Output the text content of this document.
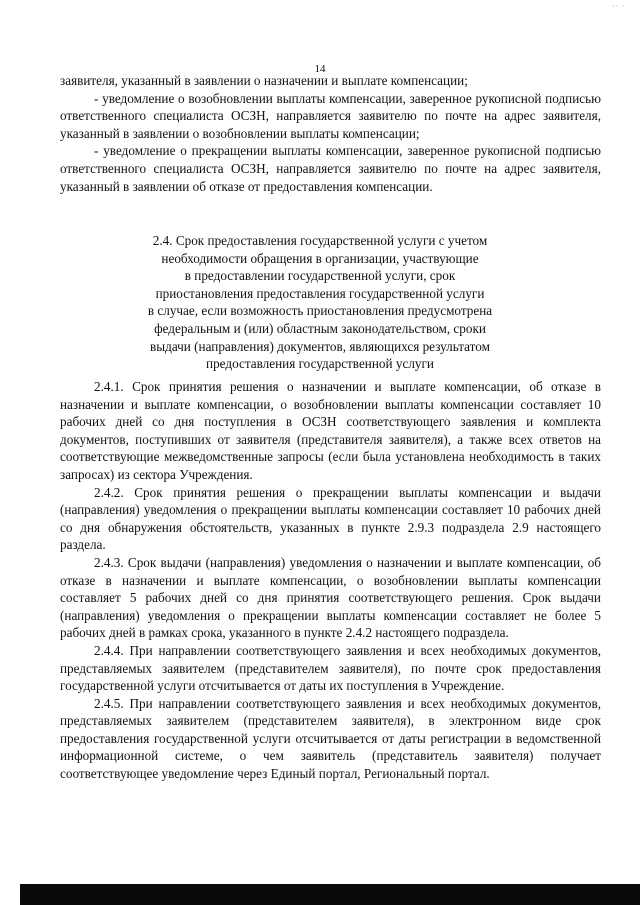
·· ·
14

заявителя, указанный в заявлении о назначении и выплате компенсации;

- уведомление о возобновлении выплаты компенсации, заверенное рукописной подписью ответственного специалиста ОСЗН, направляется заявителю по почте на адрес заявителя, указанный в заявлении о возобновлении выплаты компенсации;

- уведомление о прекращении выплаты компенсации, заверенное рукописной подписью ответственного специалиста ОСЗН, направляется заявителю по почте на адрес заявителя, указанный в заявлении об отказе от предоставления компенсации.

2.4. Срок предоставления государственной услуги с учетом
необходимости обращения в организации, участвующие
в предоставлении государственной услуги, срок
приостановления предоставления государственной услуги
в случае, если возможность приостановления предусмотрена
федеральным и (или) областным законодательством, сроки
выдачи (направления) документов, являющихся результатом
предоставления государственной услуги

2.4.1. Срок принятия решения о назначении и выплате компенсации, об отказе в назначении и выплате компенсации, о возобновлении выплаты компенсации составляет 10 рабочих дней со дня поступления в ОСЗН соответствующего заявления и комплекта документов, поступивших от заявителя (представителя заявителя), а также всех ответов на соответствующие межведомственные запросы (если была установлена необходимость в таких запросах) из сектора Учреждения.

2.4.2. Срок принятия решения о прекращении выплаты компенсации и выдачи (направления) уведомления о прекращении выплаты компенсации составляет 10 рабочих дней со дня обнаружения обстоятельств, указанных в пункте 2.9.3 подраздела 2.9 настоящего раздела.

2.4.3. Срок выдачи (направления) уведомления о назначении и выплате компенсации, об отказе в назначении и выплате компенсации, о возобновлении выплаты компенсации составляет 5 рабочих дней со дня принятия соответствующего решения. Срок выдачи (направления) уведомления о прекращении выплаты компенсации составляет не более 5 рабочих дней в рамках срока, указанного в пункте 2.4.2 настоящего подраздела.

2.4.4. При направлении соответствующего заявления и всех необходимых документов, представляемых заявителем (представителем заявителя), по почте срок предоставления государственной услуги отсчитывается от даты их поступления в Учреждение.

2.4.5. При направлении соответствующего заявления и всех необходимых документов, представляемых заявителем (представителем заявителя), в электронном виде срок предоставления государственной услуги отсчитывается от даты регистрации в ведомственной информационной системе, о чем заявитель (представитель заявителя) получает соответствующее уведомление через Единый портал, Региональный портал.
